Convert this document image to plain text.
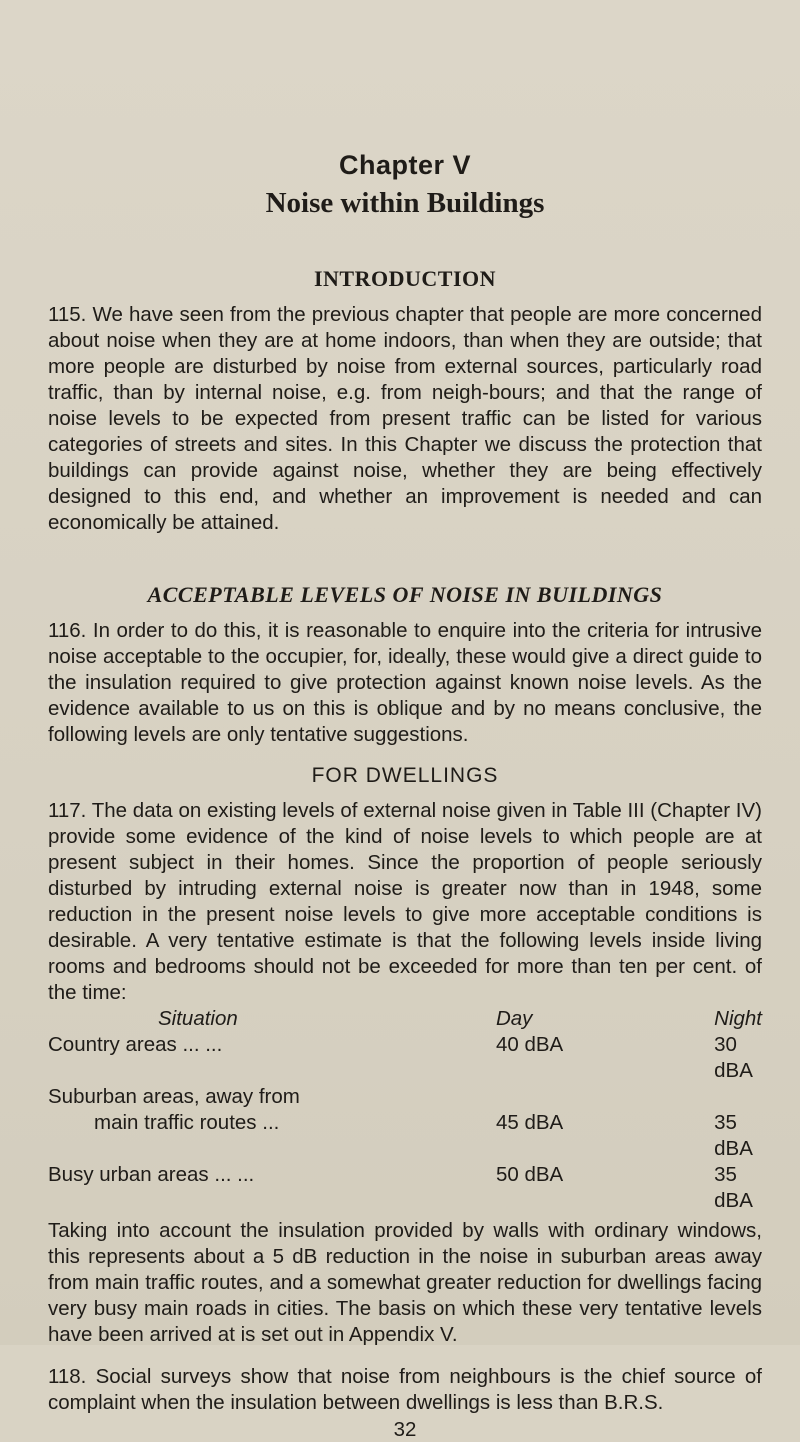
Chapter V
Noise within Buildings
INTRODUCTION

115. We have seen from the previous chapter that people are more concerned about noise when they are at home indoors, than when they are outside; that more people are disturbed by noise from external sources, particularly road traffic, than by internal noise, e.g. from neigh-bours; and that the range of noise levels to be expected from present traffic can be listed for various categories of streets and sites. In this Chapter we discuss the protection that buildings can provide against noise, whether they are being effectively designed to this end, and whether an improvement is needed and can economically be attained.

ACCEPTABLE LEVELS OF NOISE IN BUILDINGS

116. In order to do this, it is reasonable to enquire into the criteria for intrusive noise acceptable to the occupier, for, ideally, these would give a direct guide to the insulation required to give protection against known noise levels. As the evidence available to us on this is oblique and by no means conclusive, the following levels are only tentative suggestions.

FOR DWELLINGS

117. The data on existing levels of external noise given in Table III (Chapter IV) provide some evidence of the kind of noise levels to which people are at present subject in their homes. Since the proportion of people seriously disturbed by intruding external noise is greater now than in 1948, some reduction in the present noise levels to give more acceptable conditions is desirable. A very tentative estimate is that the following levels inside living rooms and bedrooms should not be exceeded for more than ten per cent. of the time:

Situation	Day	Night
Country areas ... ...	40 dBA	30 dBA
Suburban areas, away from		
main traffic routes ...	45 dBA	35 dBA
Busy urban areas ... ...	50 dBA	35 dBA

Taking into account the insulation provided by walls with ordinary windows, this represents about a 5 dB reduction in the noise in suburban areas away from main traffic routes, and a somewhat greater reduction for dwellings facing very busy main roads in cities. The basis on which these very tentative levels have been arrived at is set out in Appendix V.

118. Social surveys show that noise from neighbours is the chief source of complaint when the insulation between dwellings is less than B.R.S.

32
